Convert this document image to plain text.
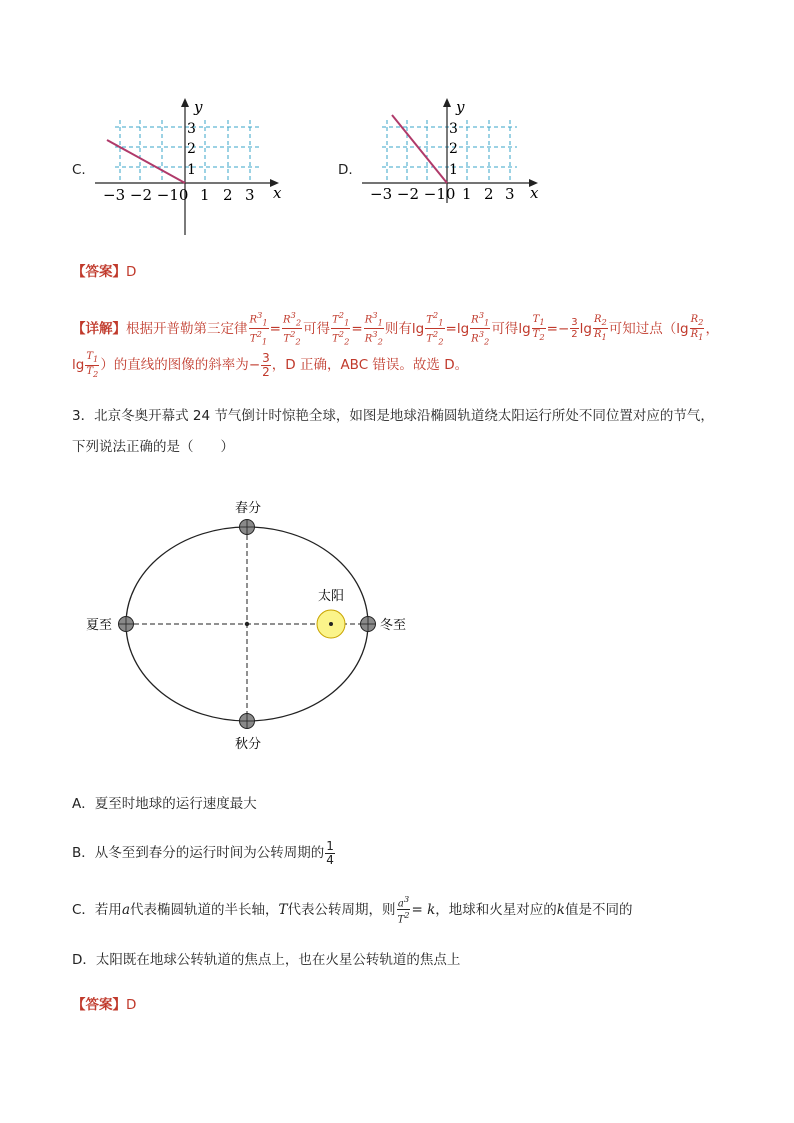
C.
y
x
3
2
1
−3 −2 −10 1 2 3
D.
y
x
3
2
1
−3 −2 −10 1 2 3
【答案】D
【详解】根据开普勒第三定律 $\frac{R^3_1}{T^2_1} = \frac{R^3_2}{T^2_2}$ 可得 $\frac{T^2_1}{T^2_2} = \frac{R^3_1}{R^3_2}$ 则有$\lg \frac{T^2_1}{T^2_2} =\lg \frac{R^3_1}{R^3_2}$ 可得$\lg \frac{T_1}{T_2} =- \frac{3}{2}$ $\lg \frac{R_2}{R_1}$ 可知过点（$\lg \frac{R_2}{R_1}$ ，
$\lg \frac{T_1}{T_2}$ ）的直线的图像的斜率为− $\frac{3}{2}$ ，D 正确，ABC 错误。故选 D。
3．北京冬奥开幕式 24 节气倒计时惊艳全球，如图是地球沿椭圆轨道绕太阳运行所处不同位置对应的节气，
下列说法正确的是（　　）
春分
夏至
秋分
冬至
太阳
A．夏至时地球的运行速度最大
B．从冬至到春分的运行时间为公转周期的 $\frac{1}{4}$
C．若用a代表椭圆轨道的半长轴，T代表公转周期，则 $\frac{a^3}{T^2} = k$，地球和火星对应的k值是不同的
D．太阳既在地球公转轨道的焦点上，也在火星公转轨道的焦点上
【答案】D
